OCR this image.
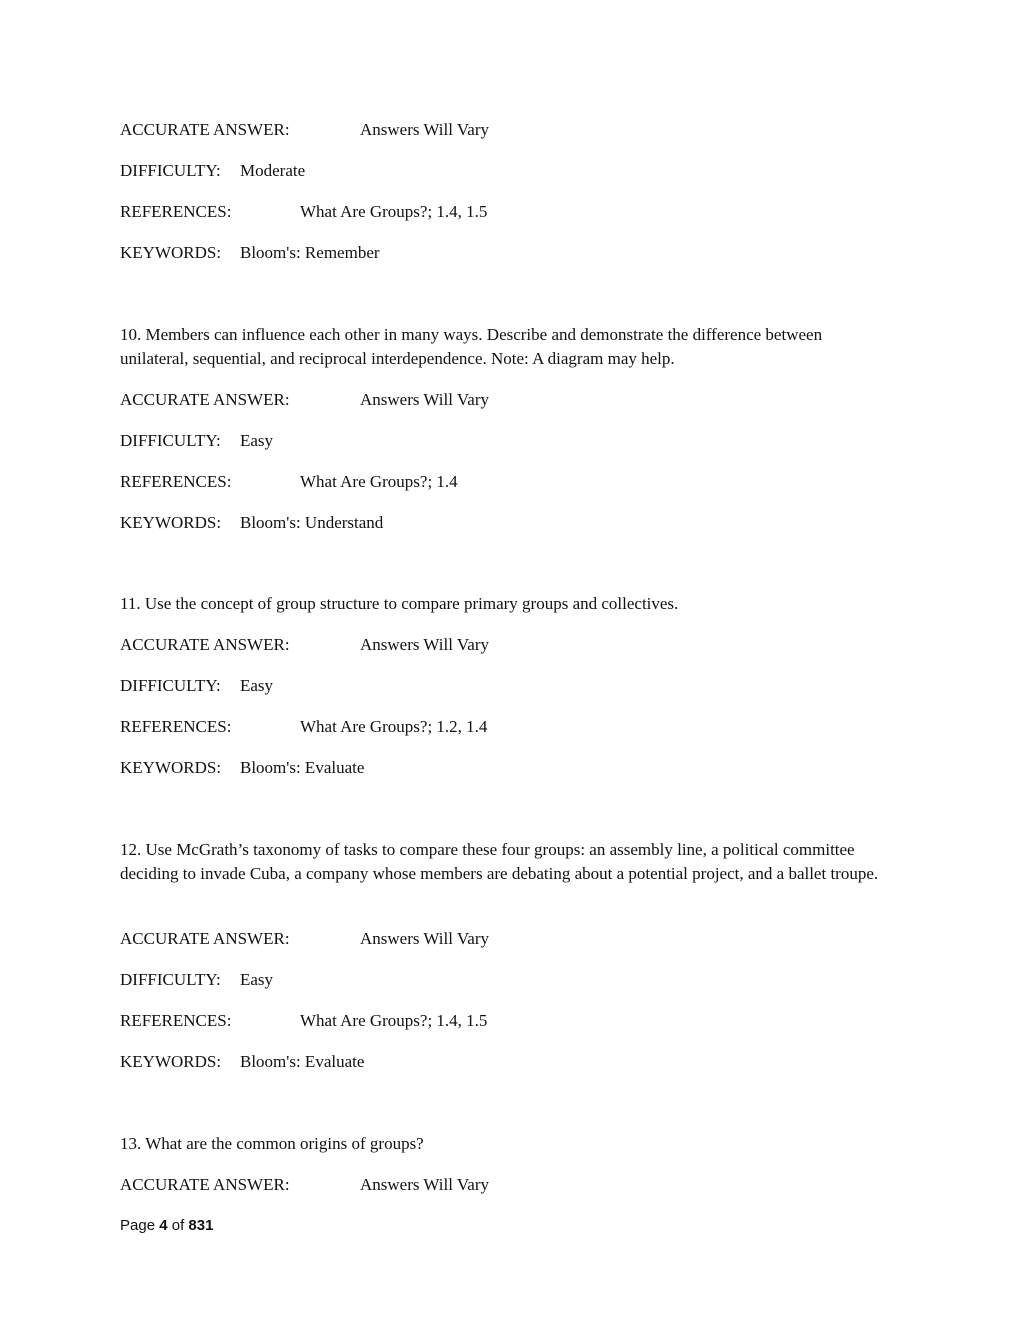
ACCURATE ANSWER:	Answers Will Vary
DIFFICULTY: Moderate
REFERENCES:	What Are Groups?; 1.4, 1.5
KEYWORDS: Bloom's: Remember
10. Members can influence each other in many ways. Describe and demonstrate the difference between unilateral, sequential, and reciprocal interdependence. Note: A diagram may help.
ACCURATE ANSWER:	Answers Will Vary
DIFFICULTY: Easy
REFERENCES:	What Are Groups?; 1.4
KEYWORDS: Bloom's: Understand
11. Use the concept of group structure to compare primary groups and collectives.
ACCURATE ANSWER:	Answers Will Vary
DIFFICULTY: Easy
REFERENCES:	What Are Groups?; 1.2, 1.4
KEYWORDS: Bloom's: Evaluate
12. Use McGrath’s taxonomy of tasks to compare these four groups: an assembly line, a political committee deciding to invade Cuba, a company whose members are debating about a potential project, and a ballet troupe.
ACCURATE ANSWER:	Answers Will Vary
DIFFICULTY: Easy
REFERENCES:	What Are Groups?; 1.4, 1.5
KEYWORDS: Bloom's: Evaluate
13. What are the common origins of groups?
ACCURATE ANSWER:	Answers Will Vary
Page 4 of 831
